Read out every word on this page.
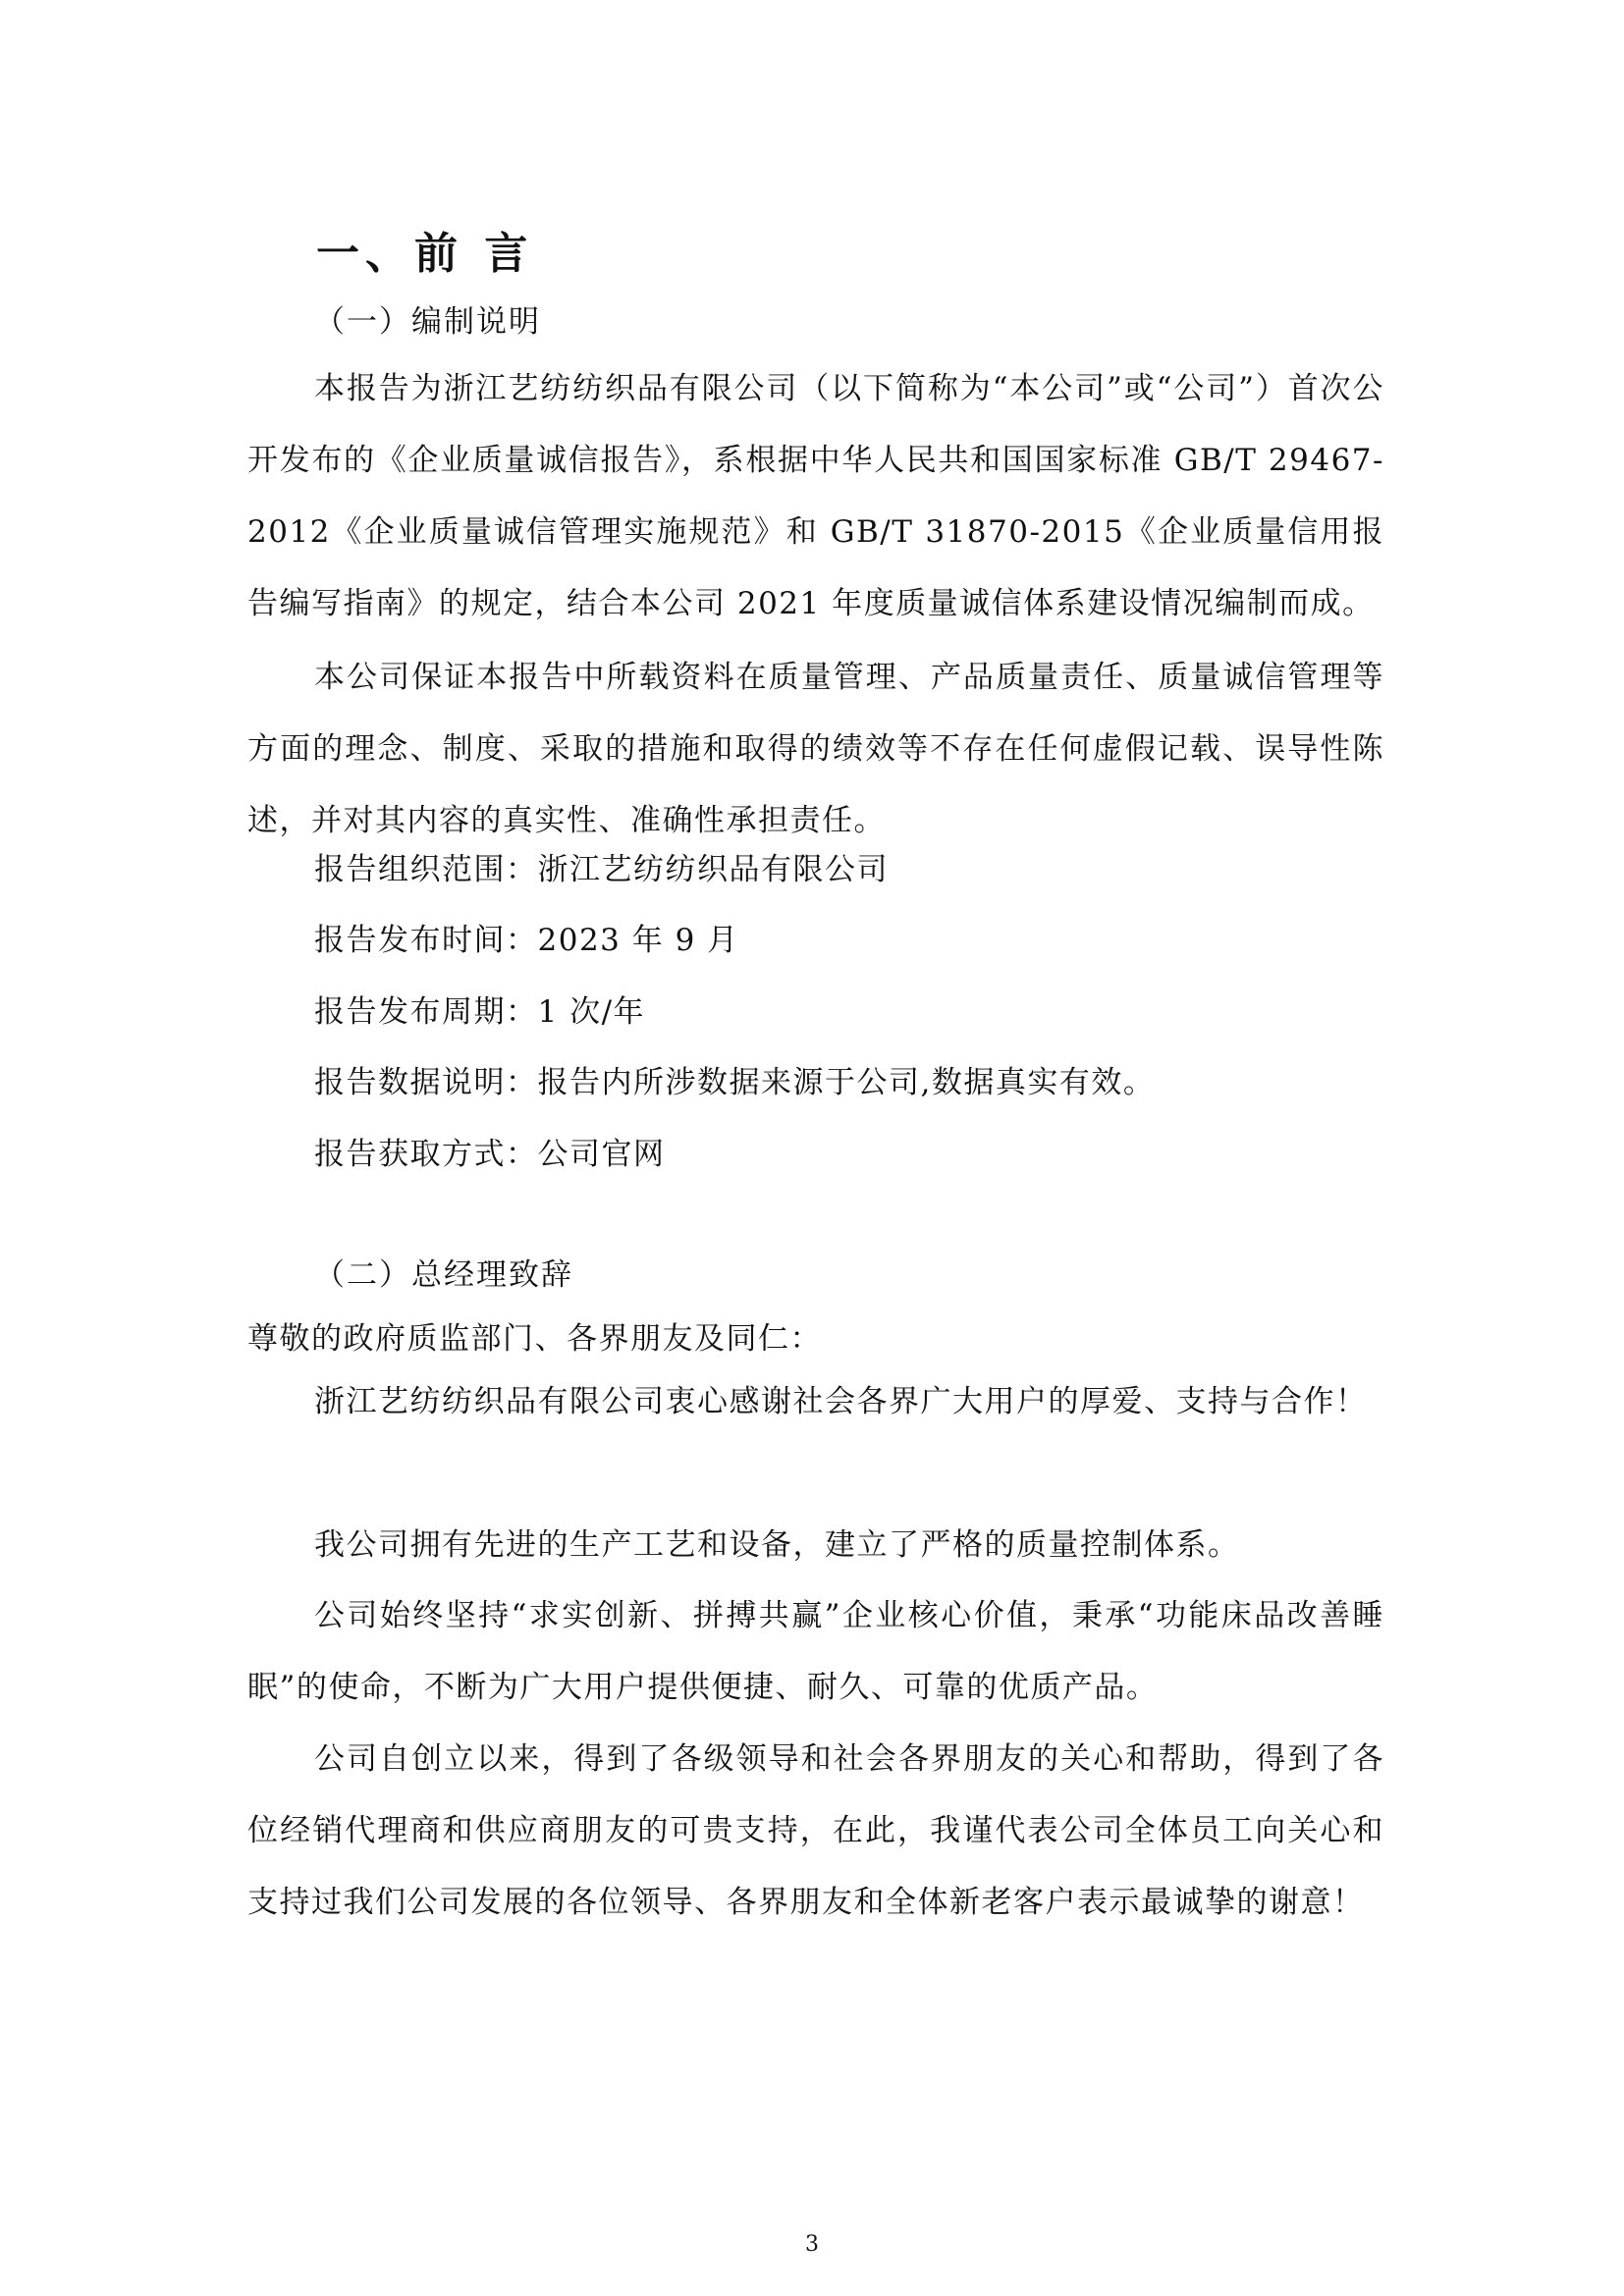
一、前 言
（一）编制说明
本报告为浙江艺纺纺织品有限公司（以下简称为“本公司”或“公司”）首次公开发布的《企业质量诚信报告》，系根据中华人民共和国国家标准 GB/T 29467-2012《企业质量诚信管理实施规范》和 GB/T 31870-2015《企业质量信用报告编写指南》的规定，结合本公司 2021 年度质量诚信体系建设情况编制而成。
本公司保证本报告中所载资料在质量管理、产品质量责任、质量诚信管理等方面的理念、制度、采取的措施和取得的绩效等不存在任何虚假记载、误导性陈述，并对其内容的真实性、准确性承担责任。
报告组织范围：浙江艺纺纺织品有限公司
报告发布时间：2023 年 9 月
报告发布周期：1 次/年
报告数据说明：报告内所涉数据来源于公司,数据真实有效。
报告获取方式：公司官网
（二）总经理致辞
尊敬的政府质监部门、各界朋友及同仁：
浙江艺纺纺织品有限公司衷心感谢社会各界广大用户的厚爱、支持与合作！
我公司拥有先进的生产工艺和设备，建立了严格的质量控制体系。
公司始终坚持“求实创新、拼搏共赢”企业核心价值，秉承“功能床品改善睡眠”的使命，不断为广大用户提供便捷、耐久、可靠的优质产品。
公司自创立以来，得到了各级领导和社会各界朋友的关心和帮助，得到了各位经销代理商和供应商朋友的可贵支持，在此，我谨代表公司全体员工向关心和支持过我们公司发展的各位领导、各界朋友和全体新老客户表示最诚挚的谢意！
3
